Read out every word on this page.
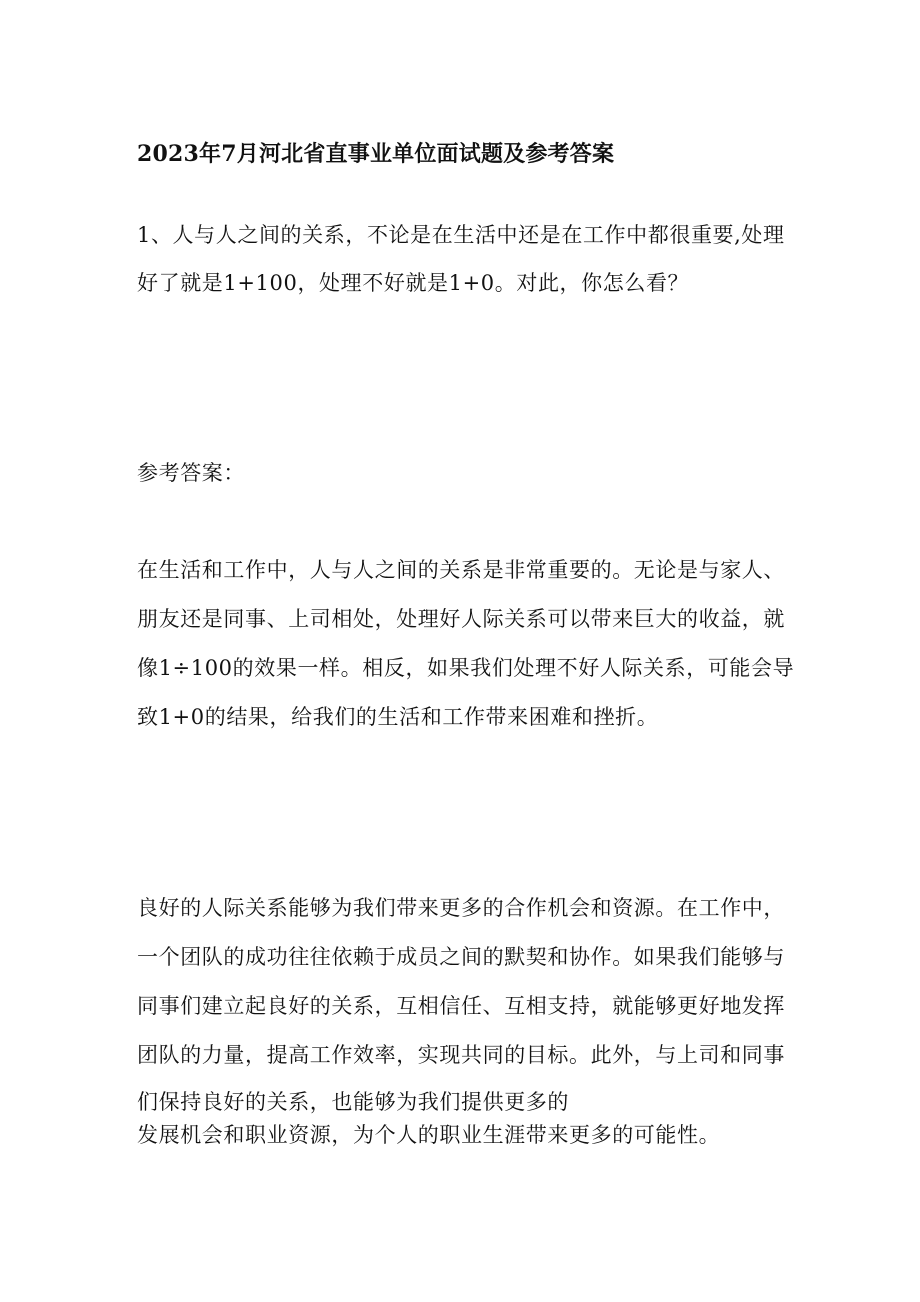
2023年7月河北省直事业单位面试题及参考答案
1、人与人之间的关系，不论是在生活中还是在工作中都很重要,处理
好了就是1+100，处理不好就是1+0。对此，你怎么看？
参考答案：
在生活和工作中，人与人之间的关系是非常重要的。无论是与家人、
朋友还是同事、上司相处，处理好人际关系可以带来巨大的收益，就
像1÷100的效果一样。相反，如果我们处理不好人际关系，可能会导
致1+0的结果，给我们的生活和工作带来困难和挫折。
良好的人际关系能够为我们带来更多的合作机会和资源。在工作中，
一个团队的成功往往依赖于成员之间的默契和协作。如果我们能够与
同事们建立起良好的关系，互相信任、互相支持，就能够更好地发挥
团队的力量，提高工作效率，实现共同的目标。此外，与上司和同事
们保持良好的关系，也能够为我们提供更多的
发展机会和职业资源，为个人的职业生涯带来更多的可能性。
